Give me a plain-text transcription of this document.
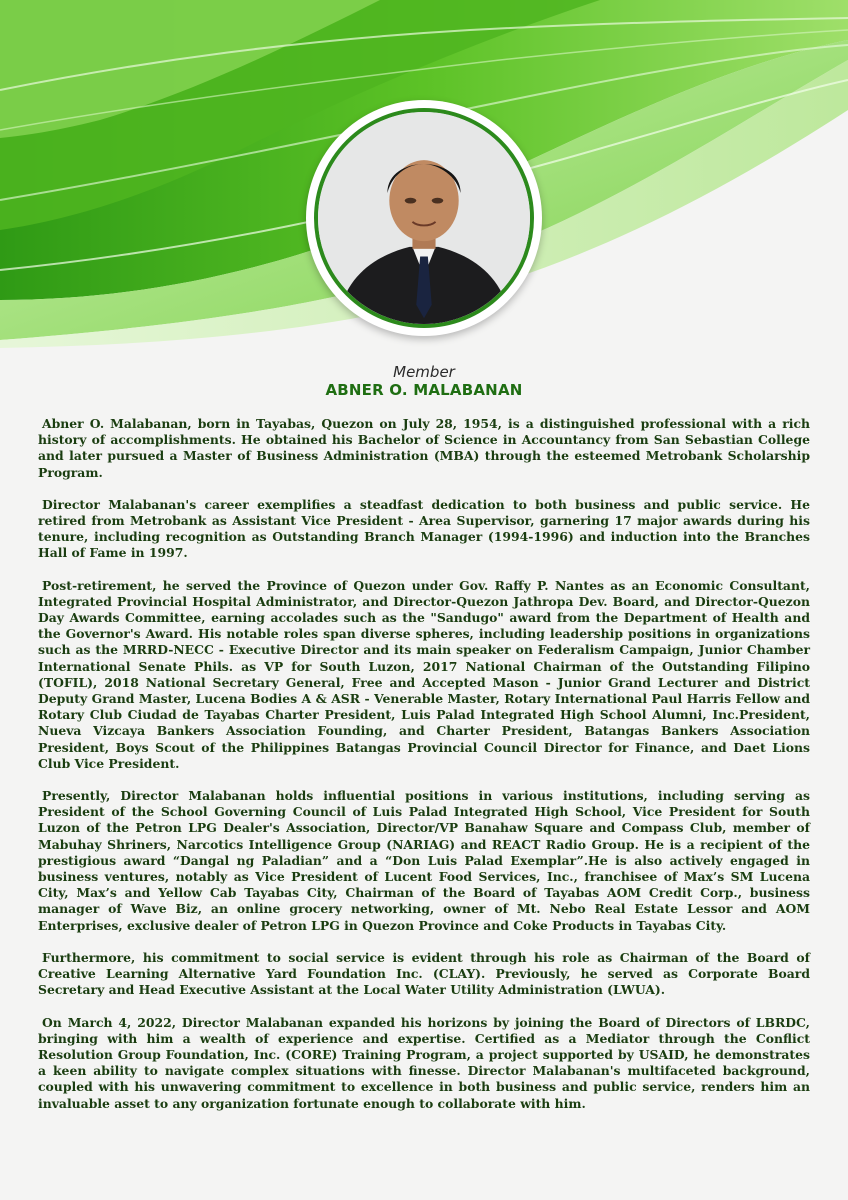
Member
ABNER O. MALABANAN

Abner O. Malabanan, born in Tayabas, Quezon on July 28, 1954, is a distinguished professional with a rich history of accomplishments. He obtained his Bachelor of Science in Accountancy from San Sebastian College and later pursued a Master of Business Administration (MBA) through the esteemed Metrobank Scholarship Program.

Director Malabanan's career exemplifies a steadfast dedication to both business and public service. He retired from Metrobank as Assistant Vice President - Area Supervisor, garnering 17 major awards during his tenure, including recognition as Outstanding Branch Manager (1994-1996) and induction into the Branches Hall of Fame in 1997.

Post-retirement, he served the Province of Quezon under Gov. Raffy P. Nantes as an Economic Consultant, Integrated Provincial Hospital Administrator, and Director-Quezon Jathropa Dev. Board, and Director-Quezon Day Awards Committee, earning accolades such as the "Sandugo" award from the Department of Health and the Governor's Award. His notable roles span diverse spheres, including leadership positions in organizations such as the MRRD-NECC - Executive Director and its main speaker on Federalism Campaign, Junior Chamber International Senate Phils. as VP for South Luzon, 2017 National Chairman of the Outstanding Filipino (TOFIL), 2018 National Secretary General, Free and Accepted Mason - Junior Grand Lecturer and District Deputy Grand Master, Lucena Bodies A & ASR - Venerable Master, Rotary International Paul Harris Fellow and Rotary Club Ciudad de Tayabas Charter President, Luis Palad Integrated High School Alumni, Inc.President, Nueva Vizcaya Bankers Association Founding, and Charter President, Batangas Bankers Association President, Boys Scout of the Philippines Batangas Provincial Council Director for Finance, and Daet Lions Club Vice President.

Presently, Director Malabanan holds influential positions in various institutions, including serving as President of the School Governing Council of Luis Palad Integrated High School, Vice President for South Luzon of the Petron LPG Dealer's Association, Director/VP Banahaw Square and Compass Club, member of Mabuhay Shriners, Narcotics Intelligence Group (NARIAG) and REACT Radio Group. He is a recipient of the prestigious award “Dangal ng Paladian” and a “Don Luis Palad Exemplar”.He is also actively engaged in business ventures, notably as Vice President of Lucent Food Services, Inc., franchisee of Max’s SM Lucena City, Max’s and Yellow Cab Tayabas City, Chairman of the Board of Tayabas AOM Credit Corp., business manager of Wave Biz, an online grocery networking, owner of Mt. Nebo Real Estate Lessor and AOM Enterprises, exclusive dealer of Petron LPG in Quezon Province and Coke Products in Tayabas City.

Furthermore, his commitment to social service is evident through his role as Chairman of the Board of Creative Learning Alternative Yard Foundation Inc. (CLAY). Previously, he served as Corporate Board Secretary and Head Executive Assistant at the Local Water Utility Administration (LWUA).

On March 4, 2022, Director Malabanan expanded his horizons by joining the Board of Directors of LBRDC, bringing with him a wealth of experience and expertise. Certified as a Mediator through the Conflict Resolution Group Foundation, Inc. (CORE) Training Program, a project supported by USAID, he demonstrates a keen ability to navigate complex situations with finesse. Director Malabanan's multifaceted background, coupled with his unwavering commitment to excellence in both business and public service, renders him an invaluable asset to any organization fortunate enough to collaborate with him.
